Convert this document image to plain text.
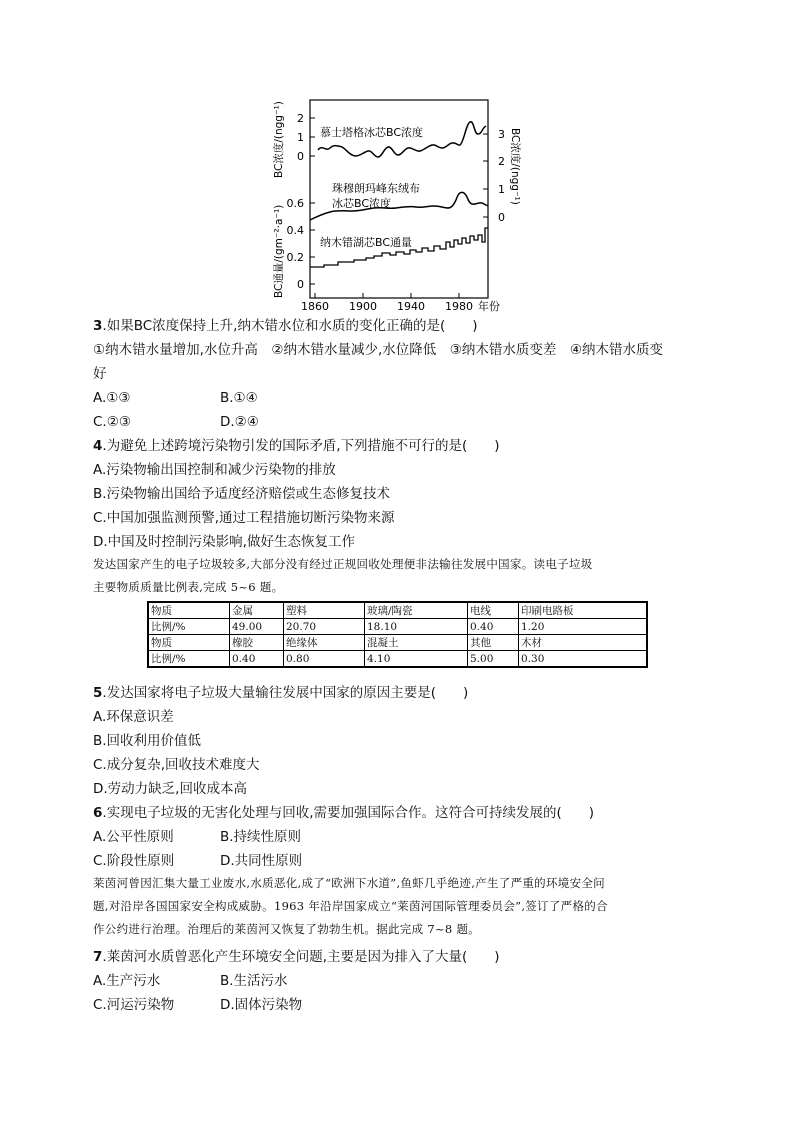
2
1
0
0.6
0.4
0.2
0
3
2
1
0
1860 1900 1940 1980 年份
BC浓度/(ngg⁻¹)
BC通量/(gm⁻²·a⁻¹)
BC浓度/(ngg⁻¹)
慕士塔格冰芯BC浓度
珠穆朗玛峰东绒布
冰芯BC浓度
纳木错湖芯BC通量
3.如果BC浓度保持上升,纳木错水位和水质的变化正确的是(　　)
①纳木错水量增加,水位升高　②纳木错水量减少,水位降低　③纳木错水质变差　④纳木错水质变
好
A.①③	B.①④
C.②③	D.②④
4.为避免上述跨境污染物引发的国际矛盾,下列措施不可行的是(　　)
A.污染物输出国控制和减少污染物的排放
B.污染物输出国给予适度经济赔偿或生态修复技术
C.中国加强监测预警,通过工程措施切断污染物来源
D.中国及时控制污染影响,做好生态恢复工作
发达国家产生的电子垃圾较多,大部分没有经过正规回收处理便非法输往发展中国家。读电子垃圾
主要物质质量比例表,完成 5~6 题。
物质	金属	塑料	玻璃/陶瓷	电线	印刷电路板
比例/%	49.00	20.70	18.10	0.40	1.20
物质	橡胶	绝缘体	混凝土	其他	木材
比例/%	0.40	0.80	4.10	5.00	0.30
5.发达国家将电子垃圾大量输往发展中国家的原因主要是(　　)
A.环保意识差
B.回收利用价值低
C.成分复杂,回收技术难度大
D.劳动力缺乏,回收成本高
6.实现电子垃圾的无害化处理与回收,需要加强国际合作。这符合可持续发展的(　　)
A.公平性原则	B.持续性原则
C.阶段性原则	D.共同性原则
莱茵河曾因汇集大量工业废水,水质恶化,成了“欧洲下水道”,鱼虾几乎绝迹,产生了严重的环境安全问
题,对沿岸各国国家安全构成威胁。1963 年沿岸国家成立“莱茵河国际管理委员会”,签订了严格的合
作公约进行治理。治理后的莱茵河又恢复了勃勃生机。据此完成 7~8 题。
7.莱茵河水质曾恶化产生环境安全问题,主要是因为排入了大量(　　)
A.生产污水	B.生活污水
C.河运污染物	D.固体污染物
